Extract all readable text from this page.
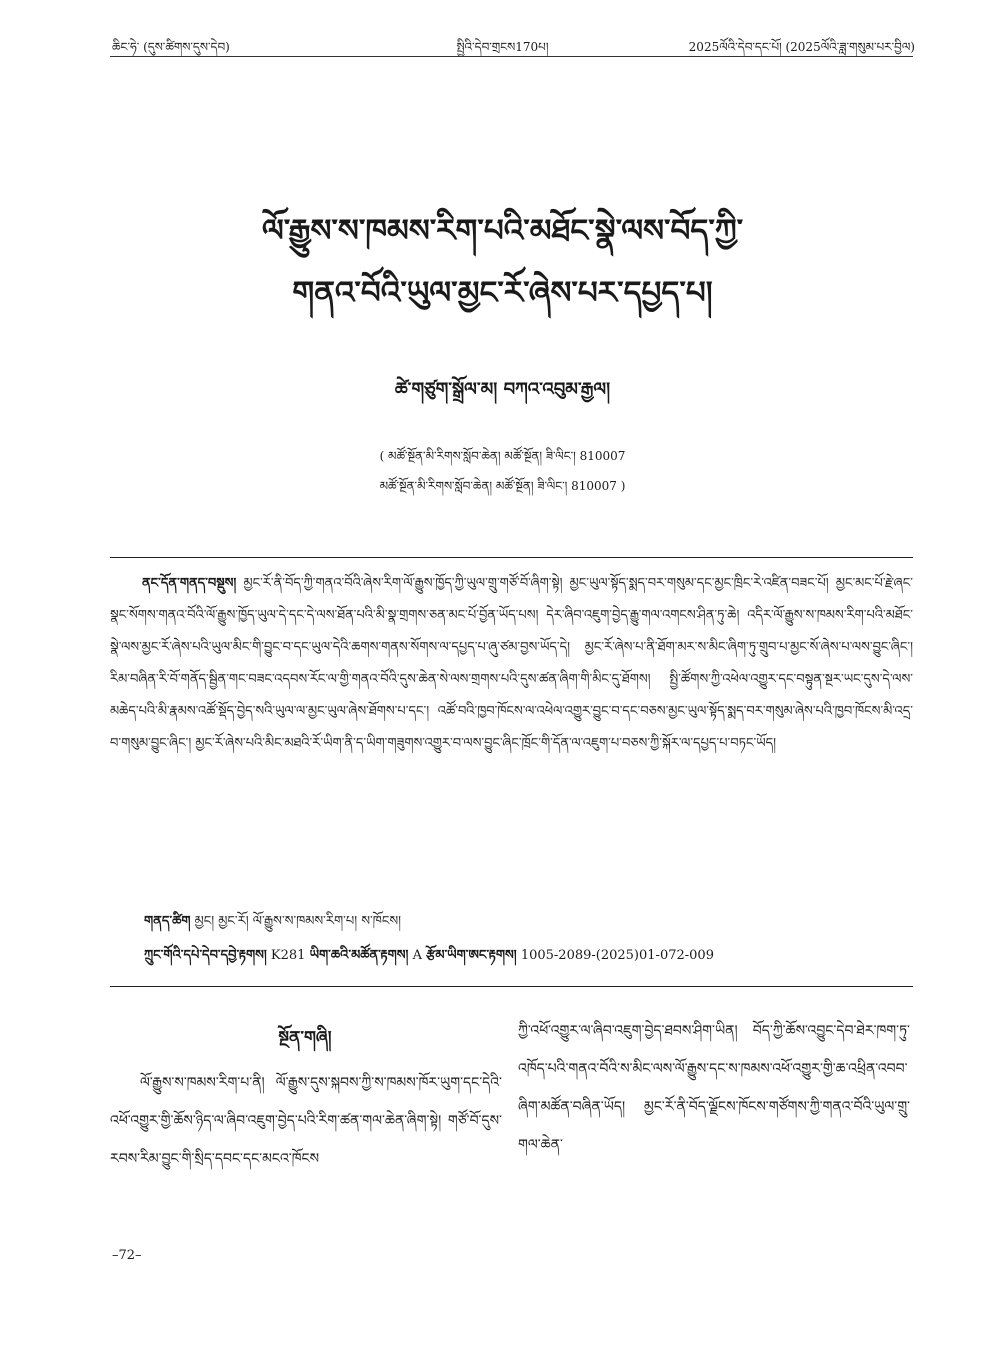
ཆིང་ཧེ་ (དུས་ཚིགས་དུས་དེབ)	སྤྱིའི་དེབ་གྲངས170པ།	2025ལོའི་དེབ་དང་པོ། (2025ལོའི་ཟླ་གསུམ་པར་བྱིལ)
ལོ་རྒྱུས་ས་ཁམས་རིག་པའི་མཐོང་སྣེ་ལས་བོད་ཀྱི་
གནའ་བོའི་ཡུལ་མྱང་རོ་ཞེས་པར་དཔྱད་པ།
ཚེ་གཙུག་སྒྲོལ་མ། བཀའ་འབུམ་རྒྱལ།
( མཚོ་སྔོན་མི་རིགས་སློབ་ཆེན། མཚོ་སྔོན། ཟི་ལིང་། 810007
མཚོ་སྔོན་མི་རིགས་སློབ་ཆེན། མཚོ་སྔོན། ཟི་ལིང་། 810007 )

ནང་དོན་གནད་བསྡུས། མྱང་རོ་ནི་བོད་ཀྱི་གནའ་བོའི་ཞེས་རིག་ལོ་རྒྱུས་ཁྱོད་ཀྱི་ཡུལ་གྲུ་གཙོ་བོ་ཞིག་སྟེ། མྱང་ཡུལ་སྟོད་སྨད་བར་གསུམ་དང་མྱང་ཁྲིང་རེ་འཛིན་བཟང་པོ། མྱང་མང་པོ་རྗེ་ཞང་སྣང་སོགས་གནའ་བོའི་ལོ་རྒྱུས་ཁྱོད་ཡུལ་དེ་དང་དེ་ལས་ཐོན་པའི་མི་སྣ་གྲགས་ཅན་མང་པོ་བྱོན་ཡོད་པས། དེར་ཞིབ་འཇུག་བྱེད་རྒྱུ་གལ་འགངས་ཤིན་ཏུ་ཆེ། འདིར་ལོ་རྒྱུས་ས་ཁམས་རིག་པའི་མཐོང་སྣེ་ལས་མྱང་རོ་ཞེས་པའི་ཡུལ་མིང་གི་བྱུང་བ་དང་ཡུལ་དེའི་ཆགས་གནས་སོགས་ལ་དཔྱད་པ་ཞུ་ཙམ་བྱས་ཡོད་དེ། མྱང་རོ་ཞེས་པ་ནི་ཐོག་མར་ས་མིང་ཞིག་ཏུ་གྲུབ་པ་མྱང་སོ་ཞེས་པ་ལས་བྱུང་ཞིང་། རིམ་བཞིན་རི་བོ་གནོད་སྦྱིན་གང་བཟང་འདབས་རོང་ལ་གྱི་གནའ་བོའི་དུས་ཆེན་སེ་ལས་གྲགས་པའི་དུས་ཚན་ཞིག་གི་མིང་དུ་ཐོགས། སྤྱི་ཚོགས་ཀྱི་འཕེལ་འགྱུར་དང་བསྟུན་སྔར་ཡང་དུས་དེ་ལས་མཆེད་པའི་མི་རྣམས་འཚོ་སྡོད་བྱེད་སའི་ཡུལ་ལ་མྱང་ཡུལ་ཞེས་ཐོགས་པ་དང་། འཚོ་བའི་ཁྱབ་ཁོངས་ལ་འཕེལ་འགྱུར་བྱུང་བ་དང་བཅས་མྱང་ཡུལ་སྟོད་སྨད་བར་གསུམ་ཞེས་པའི་ཁྱབ་ཁོངས་མི་འདྲ་བ་གསུམ་བྱུང་ཞིང་། མྱང་རོ་ཞེས་པའི་མིང་མཐའི་རོ་ཡིག་ནི་ད་ཡིག་གཟུགས་འགྱུར་བ་ལས་བྱུང་ཞིང་ཁྲོང་གི་དོན་ལ་འཇུག་པ་བཅས་ཀྱི་སྐོར་ལ་དཔྱད་པ་བཏང་ཡོད།

གནད་ཚིག མྱང། མྱང་རོ། ལོ་རྒྱུས་ས་ཁམས་རིག་པ། ས་ཁོངས།
ཀྲུང་གོའི་དཔེ་དེབ་དབྱེ་རྟགས། K281 ཡིག་ཆའི་མཚོན་རྟགས། A རྩོམ་ཡིག་ཨང་རྟགས། 1005-2089-(2025)01-072-009
སྔོན་གཞི།
ལོ་རྒྱུས་ས་ཁམས་རིག་པ་ནི། ལོ་རྒྱུས་དུས་སྐབས་ཀྱི་ས་ཁམས་ཁོར་ཡུག་དང་དེའི་འཕོ་འགྱུར་གྱི་ཆོས་ཉིད་ལ་ཞིབ་འཇུག་བྱེད་པའི་རིག་ཚན་གལ་ཆེན་ཞིག་སྟེ། གཙོ་བོ་དུས་རབས་རིམ་བྱུང་གི་སྲིད་དབང་དང་མངའ་ཁོངས
ཀྱི་འཕོ་འགྱུར་ལ་ཞིབ་འཇུག་བྱེད་ཐབས་ཤིག་ཡིན། བོད་ཀྱི་ཆོས་འབྱུང་དེབ་ཐེར་ཁག་ཏུ་འཁོད་པའི་གནའ་བོའི་ས་མིང་ལས་ལོ་རྒྱུས་དང་ས་ཁམས་འཕོ་འགྱུར་གྱི་ཆ་འཕྲིན་འབབ་ཞིག་མཚོན་བཞིན་ཡོད། མྱང་རོ་ནི་བོད་ལྗོངས་ཁོངས་གཙོགས་ཀྱི་གནའ་བོའི་ཡུལ་གྲུ་གལ་ཆེན་
–72–
